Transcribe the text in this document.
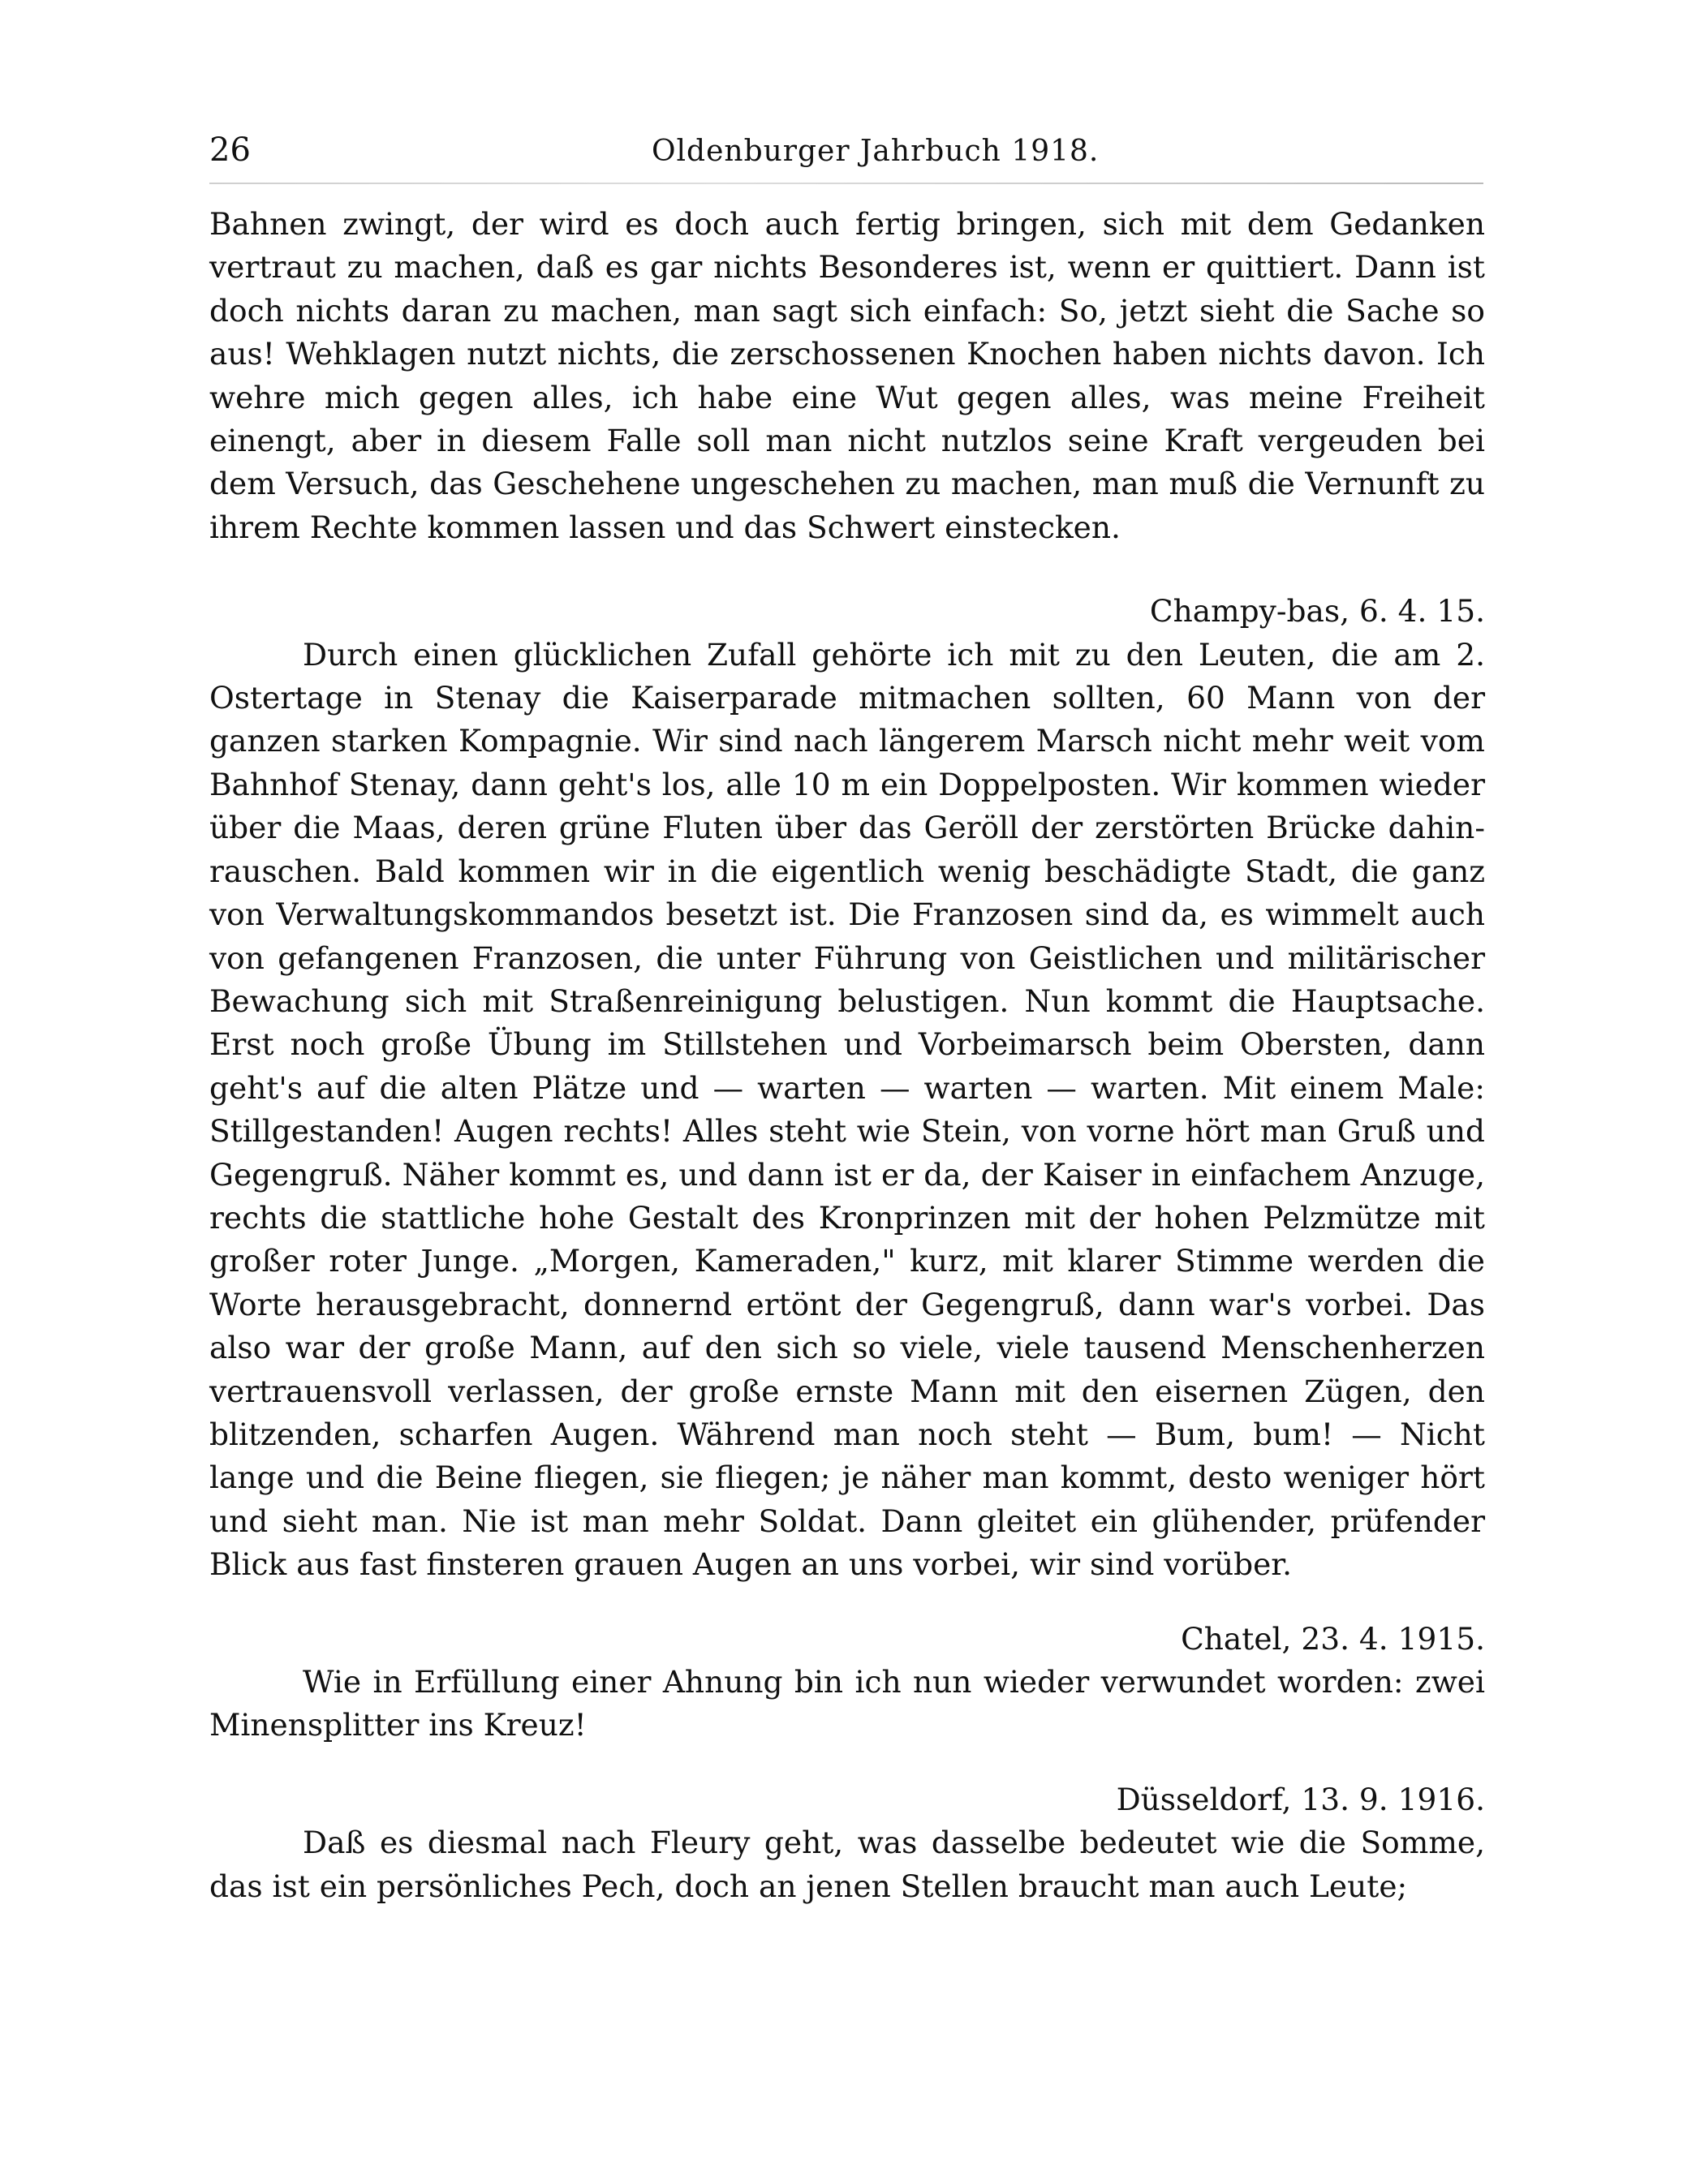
26	Oldenburger Jahrbuch 1918.

Bahnen zwingt, der wird es doch auch fertig bringen, sich mit dem Gedanken vertraut zu machen, daß es gar nichts Besonderes ist, wenn er quittiert. Dann ist doch nichts daran zu machen, man sagt sich einfach: So, jetzt sieht die Sache so aus! Wehklagen nutzt nichts, die zerschossenen Knochen haben nichts davon. Ich wehre mich gegen alles, ich habe eine Wut gegen alles, was meine Freiheit einengt, aber in diesem Falle soll man nicht nutzlos seine Kraft vergeuden bei dem Versuch, das Geschehene ungeschehen zu machen, man muß die Vernunft zu ihrem Rechte kommen lassen und das Schwert einstecken.

Champy-bas, 6. 4. 15.

Durch einen glücklichen Zufall gehörte ich mit zu den Leuten, die am 2. Ostertage in Stenay die Kaiserparade mitmachen sollten, 60 Mann von der ganzen starken Kompagnie. Wir sind nach längerem Marsch nicht mehr weit vom Bahnhof Stenay, dann geht's los, alle 10 m ein Doppelposten. Wir kommen wieder über die Maas, deren grüne Fluten über das Geröll der zerstörten Brücke dahinrauschen. Bald kommen wir in die eigentlich wenig beschädigte Stadt, die ganz von Verwaltungskommandos besetzt ist. Die Franzosen sind da, es wimmelt auch von gefangenen Franzosen, die unter Führung von Geistlichen und militärischer Bewachung sich mit Straßenreinigung belustigen. Nun kommt die Hauptsache. Erst noch große Übung im Stillstehen und Vorbeimarsch beim Obersten, dann geht's auf die alten Plätze und — warten — warten — warten. Mit einem Male: Stillgestanden! Augen rechts! Alles steht wie Stein, von vorne hört man Gruß und Gegengruß. Näher kommt es, und dann ist er da, der Kaiser in einfachem Anzuge, rechts die stattliche hohe Gestalt des Kronprinzen mit der hohen Pelzmütze mit großer roter Junge. „Morgen, Kameraden," kurz, mit klarer Stimme werden die Worte herausgebracht, donnernd ertönt der Gegengruß, dann war's vorbei. Das also war der große Mann, auf den sich so viele, viele tausend Menschenherzen vertrauensvoll verlassen, der große ernste Mann mit den eisernen Zügen, den blitzenden, scharfen Augen. Während man noch steht — Bum, bum! — Nicht lange und die Beine fliegen, sie fliegen; je näher man kommt, desto weniger hört und sieht man. Nie ist man mehr Soldat. Dann gleitet ein glühender, prüfender Blick aus fast finsteren grauen Augen an uns vorbei, wir sind vorüber.

Chatel, 23. 4. 1915.

Wie in Erfüllung einer Ahnung bin ich nun wieder verwundet worden: zwei Minensplitter ins Kreuz!

Düsseldorf, 13. 9. 1916.

Daß es diesmal nach Fleury geht, was dasselbe bedeutet wie die Somme, das ist ein persönliches Pech, doch an jenen Stellen braucht man auch Leute;
